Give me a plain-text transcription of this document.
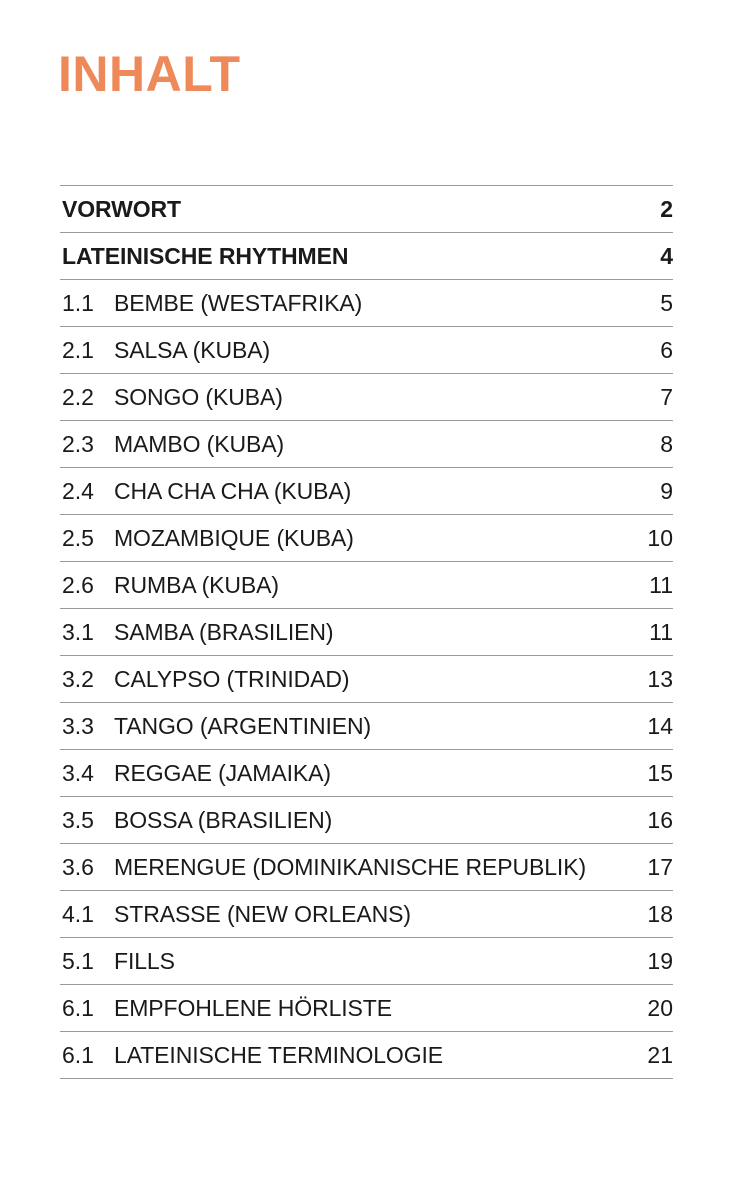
INHALT
VORWORT	2
LATEINISCHE RHYTHMEN	4
1.1 BEMBE (WESTAFRIKA)	5
2.1 SALSA (KUBA)	6
2.2 SONGO (KUBA)	7
2.3 MAMBO (KUBA)	8
2.4 CHA CHA CHA (KUBA)	9
2.5 MOZAMBIQUE (KUBA)	10
2.6 RUMBA (KUBA)	11
3.1 SAMBA (BRASILIEN)	11
3.2 CALYPSO (TRINIDAD)	13
3.3 TANGO (ARGENTINIEN)	14
3.4 REGGAE (JAMAIKA)	15
3.5 BOSSA (BRASILIEN)	16
3.6 MERENGUE (DOMINIKANISCHE REPUBLIK)	17
4.1 STRASSE (NEW ORLEANS)	18
5.1 FILLS	19
6.1 EMPFOHLENE HÖRLISTE	20
6.1 LATEINISCHE TERMINOLOGIE	21
